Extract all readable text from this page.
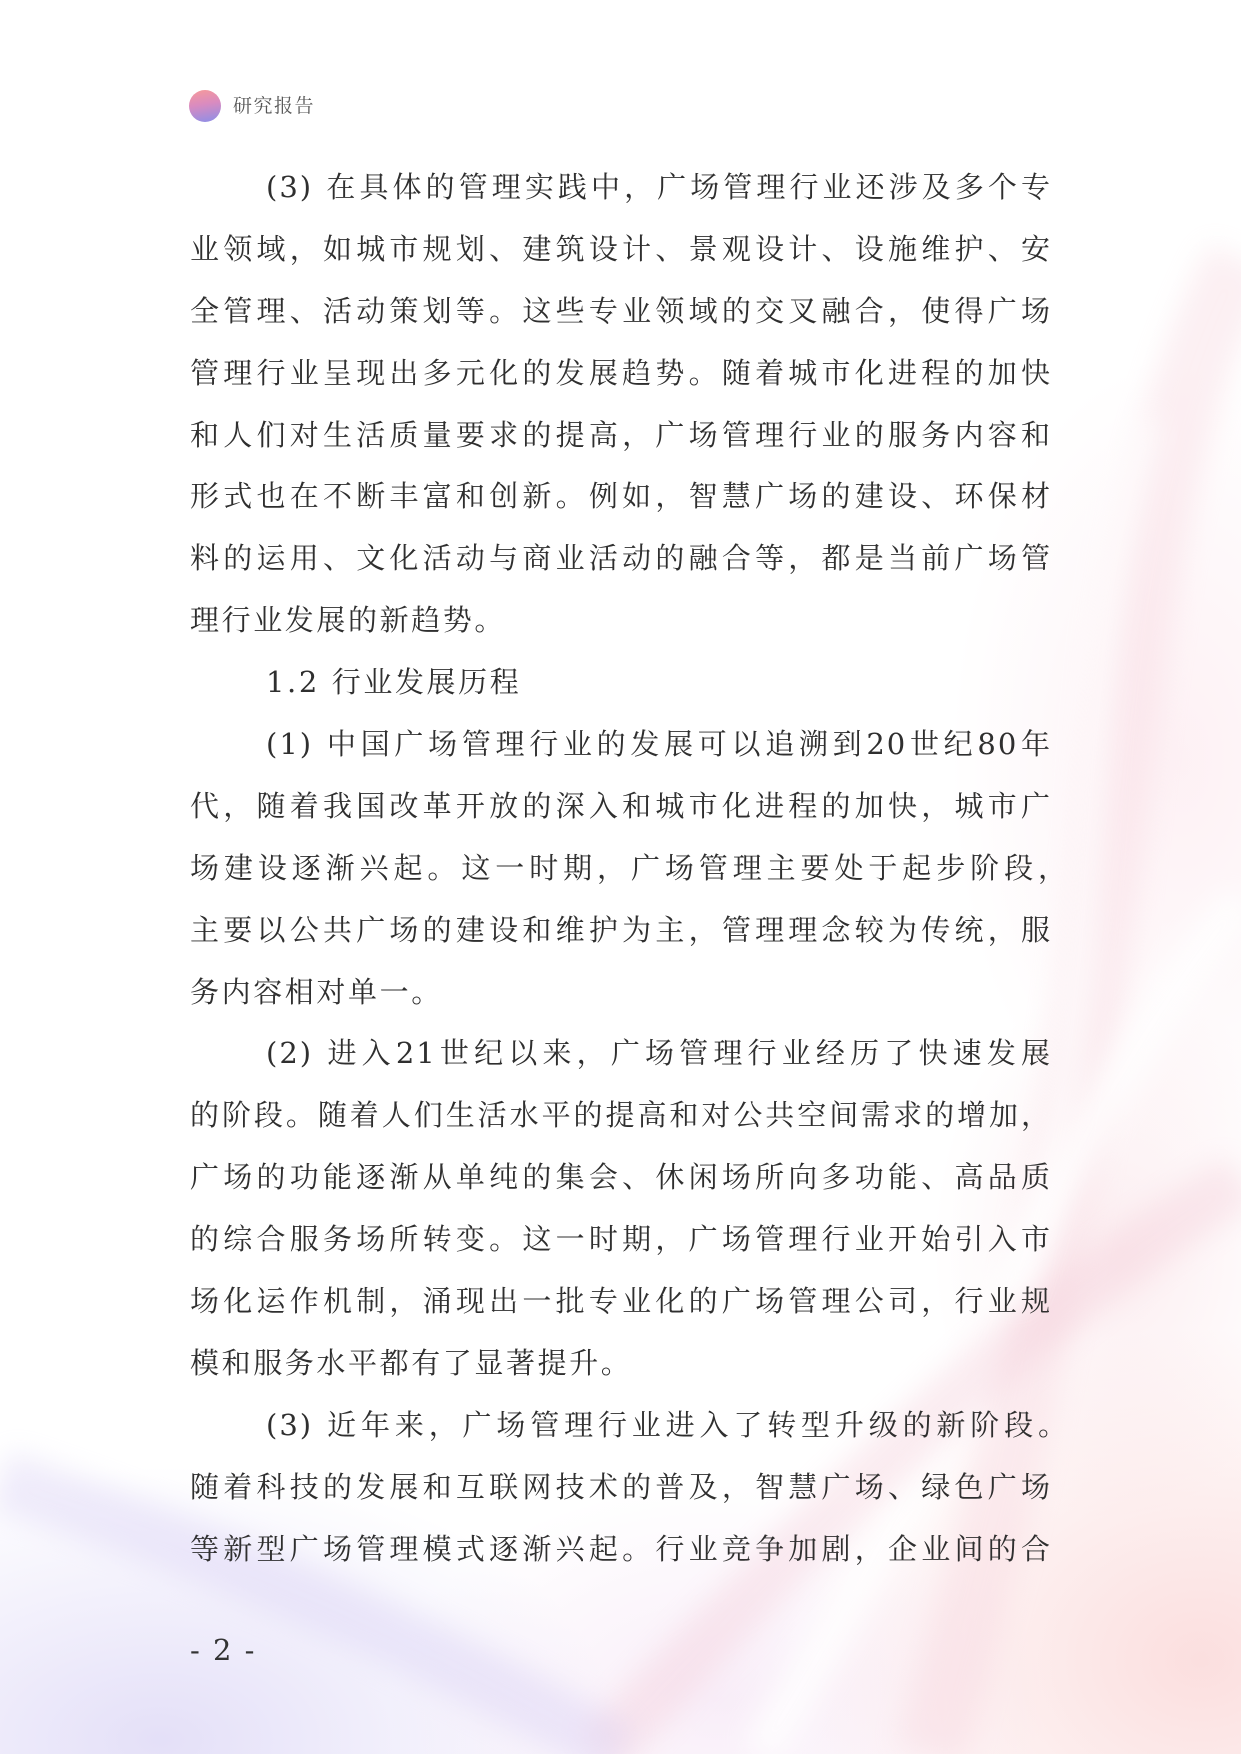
研究报告
(3) 在具体的管理实践中，广场管理行业还涉及多个专
业领域，如城市规划、建筑设计、景观设计、设施维护、安
全管理、活动策划等。这些专业领域的交叉融合，使得广场
管理行业呈现出多元化的发展趋势。随着城市化进程的加快
和人们对生活质量要求的提高，广场管理行业的服务内容和
形式也在不断丰富和创新。例如，智慧广场的建设、环保材
料的运用、文化活动与商业活动的融合等，都是当前广场管
理行业发展的新趋势。
1.2 行业发展历程
(1) 中国广场管理行业的发展可以追溯到20世纪80年
代，随着我国改革开放的深入和城市化进程的加快，城市广
场建设逐渐兴起。这一时期，广场管理主要处于起步阶段，
主要以公共广场的建设和维护为主，管理理念较为传统，服
务内容相对单一。
(2) 进入21世纪以来，广场管理行业经历了快速发展
的阶段。随着人们生活水平的提高和对公共空间需求的增加，
广场的功能逐渐从单纯的集会、休闲场所向多功能、高品质
的综合服务场所转变。这一时期，广场管理行业开始引入市
场化运作机制，涌现出一批专业化的广场管理公司，行业规
模和服务水平都有了显著提升。
(3) 近年来，广场管理行业进入了转型升级的新阶段。
随着科技的发展和互联网技术的普及，智慧广场、绿色广场
等新型广场管理模式逐渐兴起。行业竞争加剧，企业间的合
- 2 -
